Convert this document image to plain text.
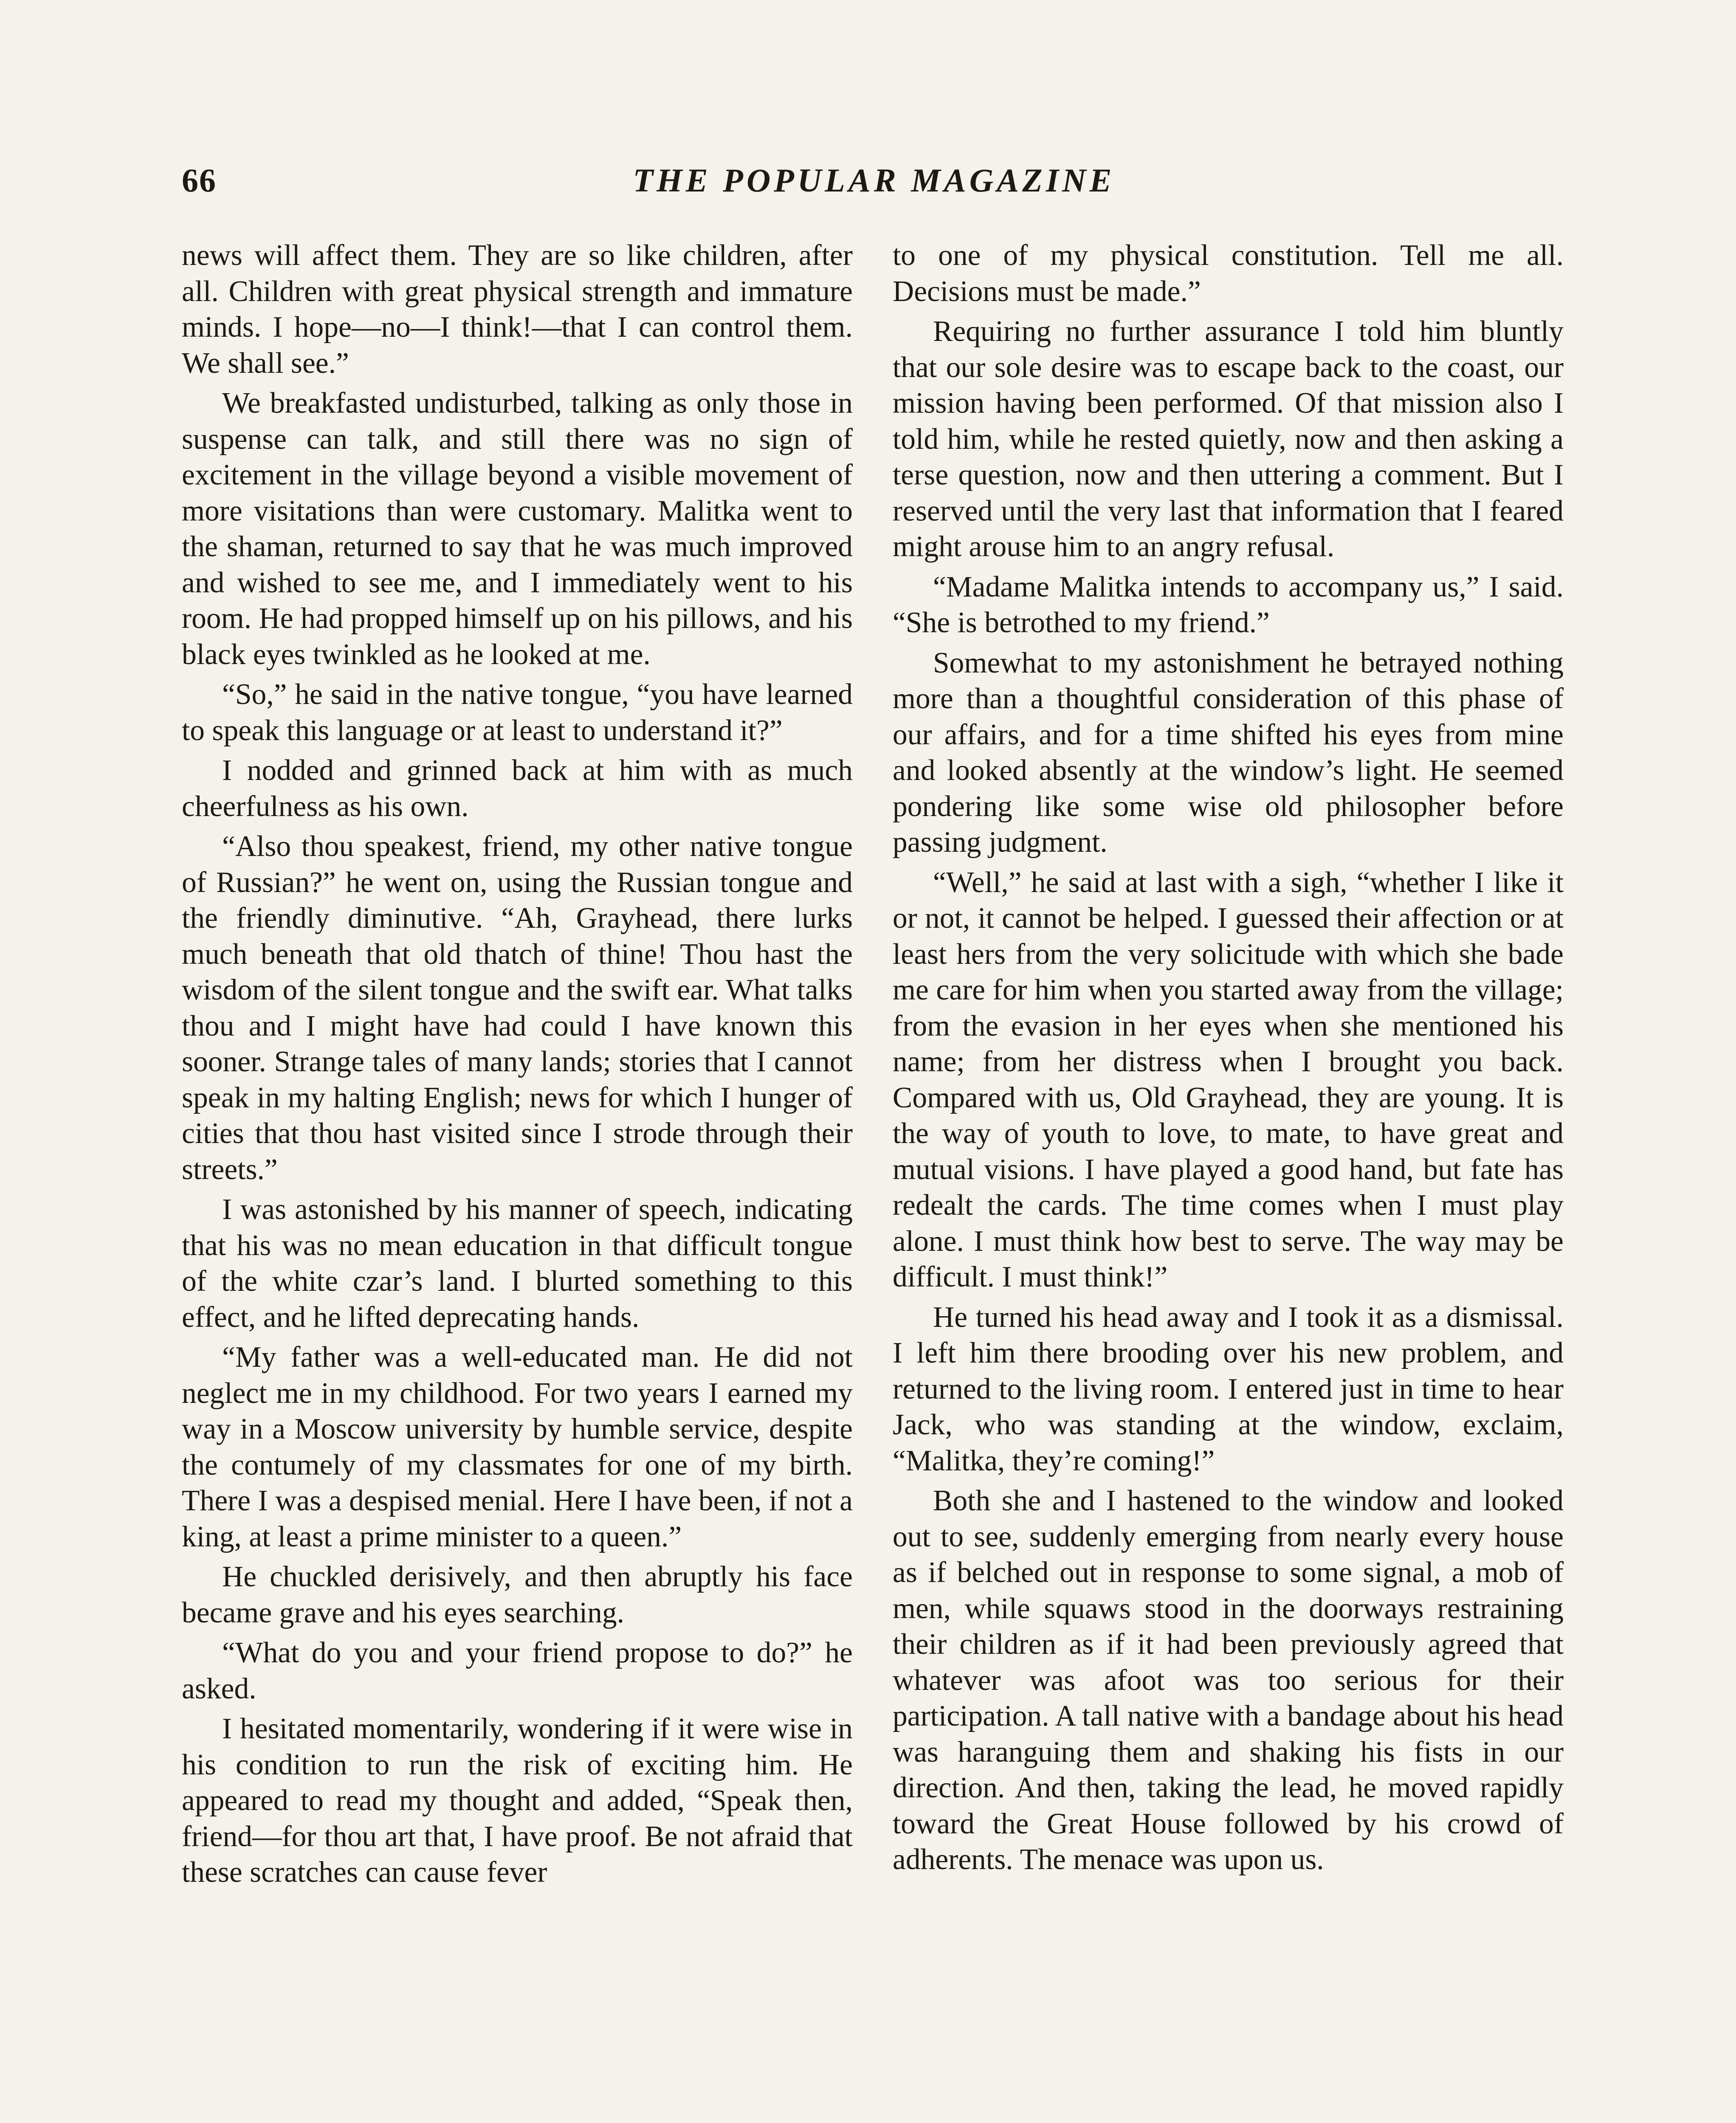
66	THE POPULAR MAGAZINE

news will affect them. They are so like children, after all. Children with great physical strength and immature minds. I hope—no—I think!—that I can control them. We shall see.”

We breakfasted undisturbed, talking as only those in suspense can talk, and still there was no sign of excitement in the village beyond a visible movement of more visitations than were customary. Malitka went to the shaman, returned to say that he was much improved and wished to see me, and I immediately went to his room. He had propped himself up on his pillows, and his black eyes twinkled as he looked at me.

“So,” he said in the native tongue, “you have learned to speak this language or at least to understand it?”

I nodded and grinned back at him with as much cheerfulness as his own.

“Also thou speakest, friend, my other native tongue of Russian?” he went on, using the Russian tongue and the friendly diminutive. “Ah, Grayhead, there lurks much beneath that old thatch of thine! Thou hast the wisdom of the silent tongue and the swift ear. What talks thou and I might have had could I have known this sooner. Strange tales of many lands; stories that I cannot speak in my halting English; news for which I hunger of cities that thou hast visited since I strode through their streets.”

I was astonished by his manner of speech, indicating that his was no mean education in that difficult tongue of the white czar’s land. I blurted something to this effect, and he lifted deprecating hands.

“My father was a well-educated man. He did not neglect me in my childhood. For two years I earned my way in a Moscow university by humble service, despite the contumely of my classmates for one of my birth. There I was a despised menial. Here I have been, if not a king, at least a prime minister to a queen.”

He chuckled derisively, and then abruptly his face became grave and his eyes searching.

“What do you and your friend propose to do?” he asked.

I hesitated momentarily, wondering if it were wise in his condition to run the risk of exciting him. He appeared to read my thought and added, “Speak then, friend—for thou art that, I have proof. Be not afraid that these scratches can cause fever

to one of my physical constitution. Tell me all. Decisions must be made.”

Requiring no further assurance I told him bluntly that our sole desire was to escape back to the coast, our mission having been performed. Of that mission also I told him, while he rested quietly, now and then asking a terse question, now and then uttering a comment. But I reserved until the very last that information that I feared might arouse him to an angry refusal.

“Madame Malitka intends to accompany us,” I said. “She is betrothed to my friend.”

Somewhat to my astonishment he betrayed nothing more than a thoughtful consideration of this phase of our affairs, and for a time shifted his eyes from mine and looked absently at the window’s light. He seemed pondering like some wise old philosopher before passing judgment.

“Well,” he said at last with a sigh, “whether I like it or not, it cannot be helped. I guessed their affection or at least hers from the very solicitude with which she bade me care for him when you started away from the village; from the evasion in her eyes when she mentioned his name; from her distress when I brought you back. Compared with us, Old Grayhead, they are young. It is the way of youth to love, to mate, to have great and mutual visions. I have played a good hand, but fate has redealt the cards. The time comes when I must play alone. I must think how best to serve. The way may be difficult. I must think!”

He turned his head away and I took it as a dismissal. I left him there brooding over his new problem, and returned to the living room. I entered just in time to hear Jack, who was standing at the window, exclaim, “Malitka, they’re coming!”

Both she and I hastened to the window and looked out to see, suddenly emerging from nearly every house as if belched out in response to some signal, a mob of men, while squaws stood in the doorways restraining their children as if it had been previously agreed that whatever was afoot was too serious for their participation. A tall native with a bandage about his head was haranguing them and shaking his fists in our direction. And then, taking the lead, he moved rapidly toward the Great House followed by his crowd of adherents. The menace was upon us.
